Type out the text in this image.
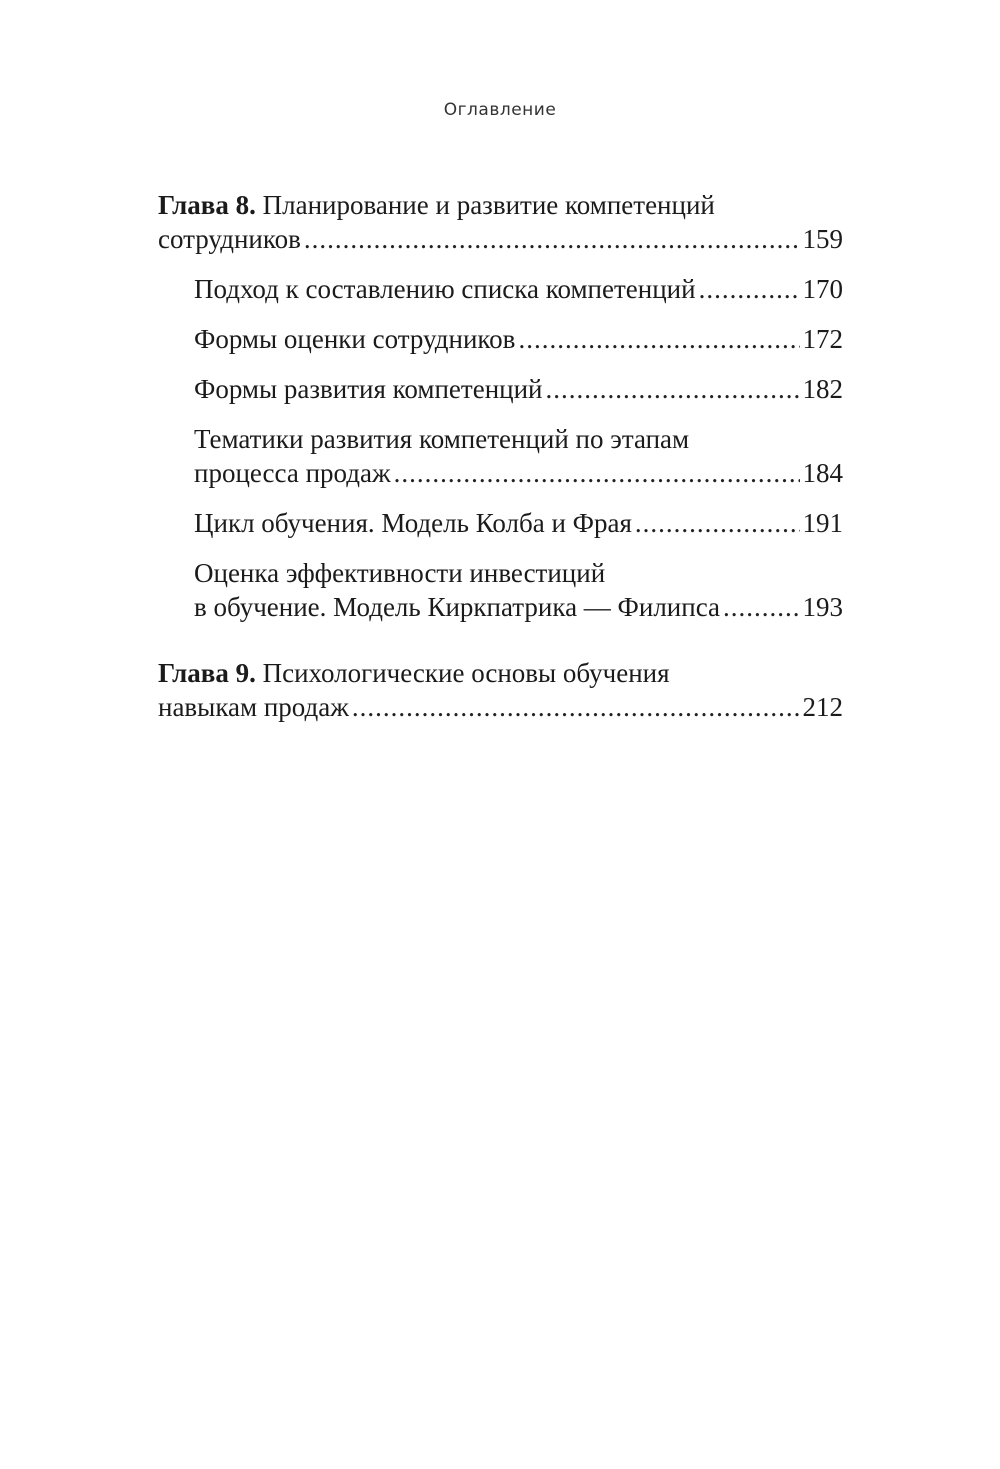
Оглавление
Глава 8. Планирование и развитие компетенций
сотрудников .....	159
Подход к составлению списка компетенций .....	170
Формы оценки сотрудников .....	172
Формы развития компетенций .....	182
Тематики развития компетенций по этапам
процесса продаж .....	184
Цикл обучения. Модель Колба и Фрая .....	191
Оценка эффективности инвестиций
в обучение. Модель Киркпатрика — Филипса .....	193
Глава 9. Психологические основы обучения
навыкам продаж .....	212
